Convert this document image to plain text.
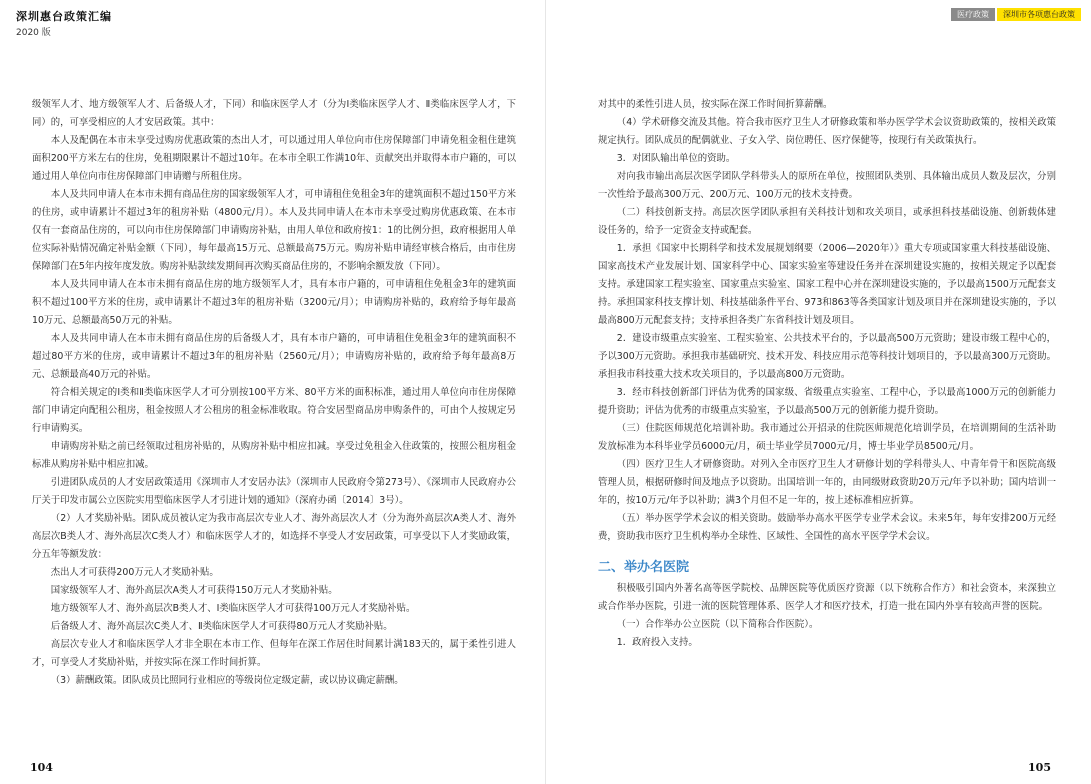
深圳惠台政策汇编
2020 版

级领军人才、地方级领军人才、后备级人才，下同）和临床医学人才（分为Ⅰ类临床医学人才、Ⅱ类临床医学人才，下同）的，可享受相应的人才安居政策。其中：

本人及配偶在本市未享受过购房优惠政策的杰出人才，可以通过用人单位向市住房保障部门申请免租金租住建筑面积200平方米左右的住房，免租期限累计不超过10年。在本市全职工作满10年、贡献突出并取得本市户籍的，可以通过用人单位向市住房保障部门申请赠与所租住房。

本人及共同申请人在本市未拥有商品住房的国家级领军人才，可申请租住免租金3年的建筑面积不超过150平方米的住房，或申请累计不超过3年的租房补贴（4800元/月）。本人及共同申请人在本市未享受过购房优惠政策、在本市仅有一套商品住房的，可以向市住房保障部门申请购房补贴，由用人单位和政府按1：1的比例分担，政府根据用人单位实际补贴情况确定补贴金额（下同），每年最高15万元、总额最高75万元。购房补贴申请经审核合格后，由市住房保障部门在5年内按年度发放。购房补贴款续发期间再次购买商品住房的，不影响余额发放（下同）。

本人及共同申请人在本市未拥有商品住房的地方级领军人才，具有本市户籍的，可申请租住免租金3年的建筑面积不超过100平方米的住房，或申请累计不超过3年的租房补贴（3200元/月）；申请购房补贴的，政府给予每年最高10万元、总额最高50万元的补贴。

本人及共同申请人在本市未拥有商品住房的后备级人才，具有本市户籍的，可申请租住免租金3年的建筑面积不超过80平方米的住房，或申请累计不超过3年的租房补贴（2560元/月）；申请购房补贴的，政府给予每年最高8万元、总额最高40万元的补贴。

符合相关规定的Ⅰ类和Ⅱ类临床医学人才可分别按100平方米、80平方米的面积标准，通过用人单位向市住房保障部门申请定向配租公租房，租金按照人才公租房的租金标准收取。符合安居型商品房申购条件的，可由个人按规定另行申请购买。

申请购房补贴之前已经领取过租房补贴的，从购房补贴中相应扣减。享受过免租金入住政策的，按照公租房租金标准从购房补贴中相应扣减。

引进团队成员的人才安居政策适用《深圳市人才安居办法》（深圳市人民政府令第273号）、《深圳市人民政府办公厅关于印发市属公立医院实用型临床医学人才引进计划的通知》（深府办函〔2014〕3号）。

（2）人才奖励补贴。团队成员被认定为我市高层次专业人才、海外高层次人才（分为海外高层次A类人才、海外高层次B类人才、海外高层次C类人才）和临床医学人才的，如选择不享受人才安居政策，可享受以下人才奖励政策，分五年等额发放：

杰出人才可获得200万元人才奖励补贴。

国家级领军人才、海外高层次A类人才可获得150万元人才奖励补贴。

地方级领军人才、海外高层次B类人才、Ⅰ类临床医学人才可获得100万元人才奖励补贴。

后备级人才、海外高层次C类人才、Ⅱ类临床医学人才可获得80万元人才奖励补贴。

高层次专业人才和临床医学人才非全职在本市工作、但每年在深工作居住时间累计满183天的，属于柔性引进人才，可享受人才奖励补贴，并按实际在深工作时间折算。

（3）薪酬政策。团队成员比照同行业相应的等级岗位定级定薪，或以协议确定薪酬。

104
医疗政策	深圳市各项惠台政策

对其中的柔性引进人员，按实际在深工作时间折算薪酬。

（4）学术研修交流及其他。符合我市医疗卫生人才研修政策和举办医学学术会议资助政策的，按相关政策规定执行。团队成员的配偶就业、子女入学、岗位聘任、医疗保健等，按现行有关政策执行。

3．对团队输出单位的资助。

对向我市输出高层次医学团队学科带头人的原所在单位，按照团队类别、具体输出成员人数及层次，分别一次性给予最高300万元、200万元、100万元的技术支持费。

（二）科技创新支持。高层次医学团队承担有关科技计划和攻关项目，或承担科技基础设施、创新载体建设任务的，给予一定资金支持或配套。

1．承担《国家中长期科学和技术发展规划纲要（2006—2020年）》重大专项或国家重大科技基础设施、国家高技术产业发展计划、国家科学中心、国家实验室等建设任务并在深圳建设实施的，按相关规定予以配套支持。承建国家工程实验室、国家重点实验室、国家工程中心并在深圳建设实施的，予以最高1500万元配套支持。承担国家科技支撑计划、科技基础条件平台、973和863等各类国家计划及项目并在深圳建设实施的，予以最高800万元配套支持；支持承担各类广东省科技计划及项目。

2．建设市级重点实验室、工程实验室、公共技术平台的，予以最高500万元资助；建设市级工程中心的，予以300万元资助。承担我市基础研究、技术开发、科技应用示范等科技计划项目的，予以最高300万元资助。承担我市科技重大技术攻关项目的，予以最高800万元资助。

3．经市科技创新部门评估为优秀的国家级、省级重点实验室、工程中心，予以最高1000万元的创新能力提升资助；评估为优秀的市级重点实验室，予以最高500万元的创新能力提升资助。

（三）住院医师规范化培训补助。我市通过公开招录的住院医师规范化培训学员，在培训期间的生活补助发放标准为本科毕业学员6000元/月，硕士毕业学员7000元/月，博士毕业学员8500元/月。

（四）医疗卫生人才研修资助。对列入全市医疗卫生人才研修计划的学科带头人、中青年骨干和医院高级管理人员，根据研修时间及地点予以资助。出国培训一年的，由同级财政资助20万元/年予以补助；国内培训一年的，按10万元/年予以补助；满3个月但不足一年的，按上述标准相应折算。

（五）举办医学学术会议的相关资助。鼓励举办高水平医学专业学术会议。未来5年，每年安排200万元经费，资助我市医疗卫生机构举办全球性、区域性、全国性的高水平医学学术会议。

二、举办名医院

积极吸引国内外著名高等医学院校、品牌医院等优质医疗资源（以下统称合作方）和社会资本，来深独立或合作举办医院，引进一流的医院管理体系、医学人才和医疗技术，打造一批在国内外享有较高声誉的医院。

（一）合作举办公立医院（以下简称合作医院）。

1．政府投入支持。

105
